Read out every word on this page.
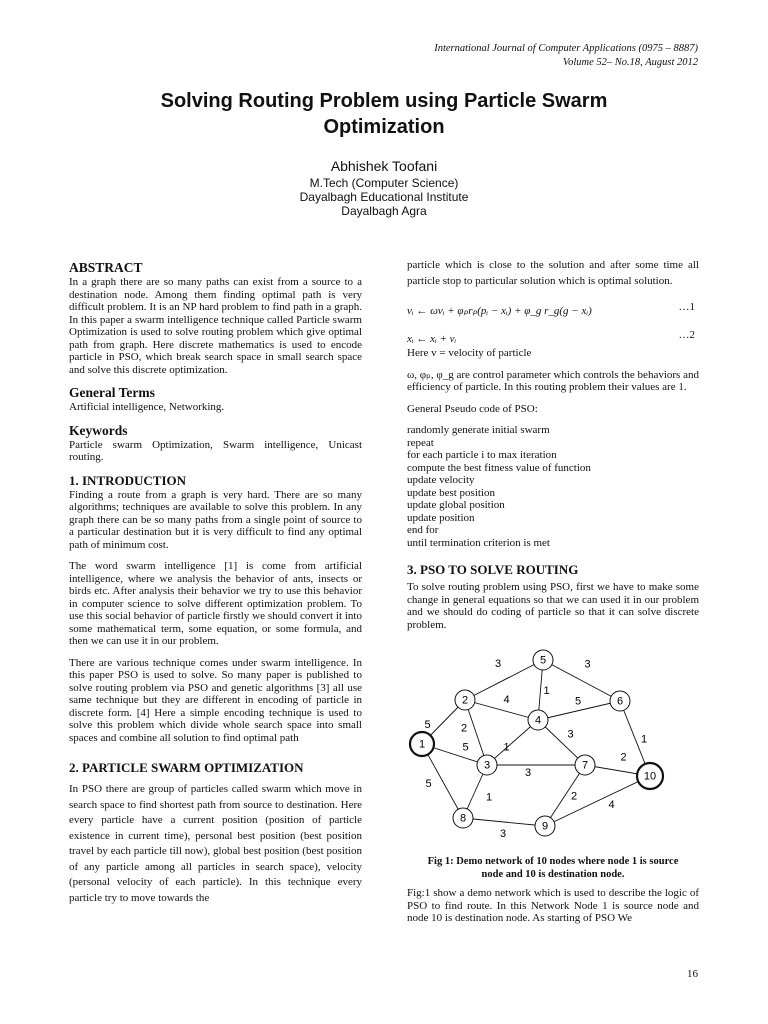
International Journal of Computer Applications (0975 – 8887)
Volume 52– No.18, August 2012
Solving Routing Problem using Particle Swarm
Optimization
Abhishek Toofani
M.Tech (Computer Science)
Dayalbagh Educational Institute
Dayalbagh Agra
ABSTRACT

In a graph there are so many paths can exist from a source to a destination node. Among them finding optimal path is very difficult problem. It is an NP hard problem to find path in a graph. In this paper a swarm intelligence technique called Particle swarm Optimization is used to solve routing problem which give optimal path from graph. Here discrete mathematics is used to encode particle in PSO, which break search space in small search space and solve this discrete optimization.

General Terms

Artificial intelligence, Networking.

Keywords

Particle swarm Optimization, Swarm intelligence, Unicast routing.

1. INTRODUCTION

Finding a route from a graph is very hard. There are so many algorithms; techniques are available to solve this problem. In any graph there can be so many paths from a single point of source to a particular destination but it is very difficult to find any optimal path of minimum cost.

The word swarm intelligence [1] is come from artificial intelligence, where we analysis the behavior of ants, insects or birds etc. After analysis their behavior we try to use this behavior in computer science to solve different optimization problem. To use this social behavior of particle firstly we should convert it into some mathematical term, some equation, or some formula, and then we can use it in our problem.

There are various technique comes under swarm intelligence. In this paper PSO is used to solve. So many paper is published to solve routing problem via PSO and genetic algorithms [3] all use same technique but they are different in encoding of particle in discrete form. [4] Here a simple encoding technique is used to solve this problem which divide whole search space into small spaces and combine all solution to find optimal path

2. PARTICLE SWARM OPTIMIZATION

In PSO there are group of particles called swarm which move in search space to find shortest path from source to destination. Here every particle have a current position (position of particle existence in current time), personal best position (best position travel by each particle till now), global best position (best position of any particle among all particles in search space), velocity (personal velocity of each particle). In this technique every particle try to move towards the

particle which is close to the solution and after some time all particle stop to particular solution which is optimal solution.

vᵢ ← ωvᵢ + φₚrₚ(pᵢ − xᵢ) + φ_g r_g(g − xᵢ)	…1
xᵢ ← xᵢ + vᵢ	…2

Here v = velocity of particle

ω, φₚ, φ_g are control parameter which controls the behaviors and efficiency of particle. In this routing problem their values are 1.

General Pseudo code of PSO:

randomly generate initial swarm
repeat
for each particle i to max iteration
compute the best fitness value of function
update velocity
update best position
update global position
update position
end for
until termination criterion is met
3. PSO TO SOLVE ROUTING

To solve routing problem using PSO, first we have to make some change in general equations so that we can used it in our problem and we should do coding of particle so that it can solve discrete problem.

5
5
5
3
4
2
1
3
1
1
3
5
3	1
2
2
3
4
1
2
3
4
5
6
7
8
9
10
Fig 1: Demo network of 10 nodes where node 1 is source
node and 10 is destination node.

Fig:1 show a demo network which is used to describe the logic of PSO to find route. In this Network Node 1 is source node and node 10 is destination node. As starting of PSO We

16
